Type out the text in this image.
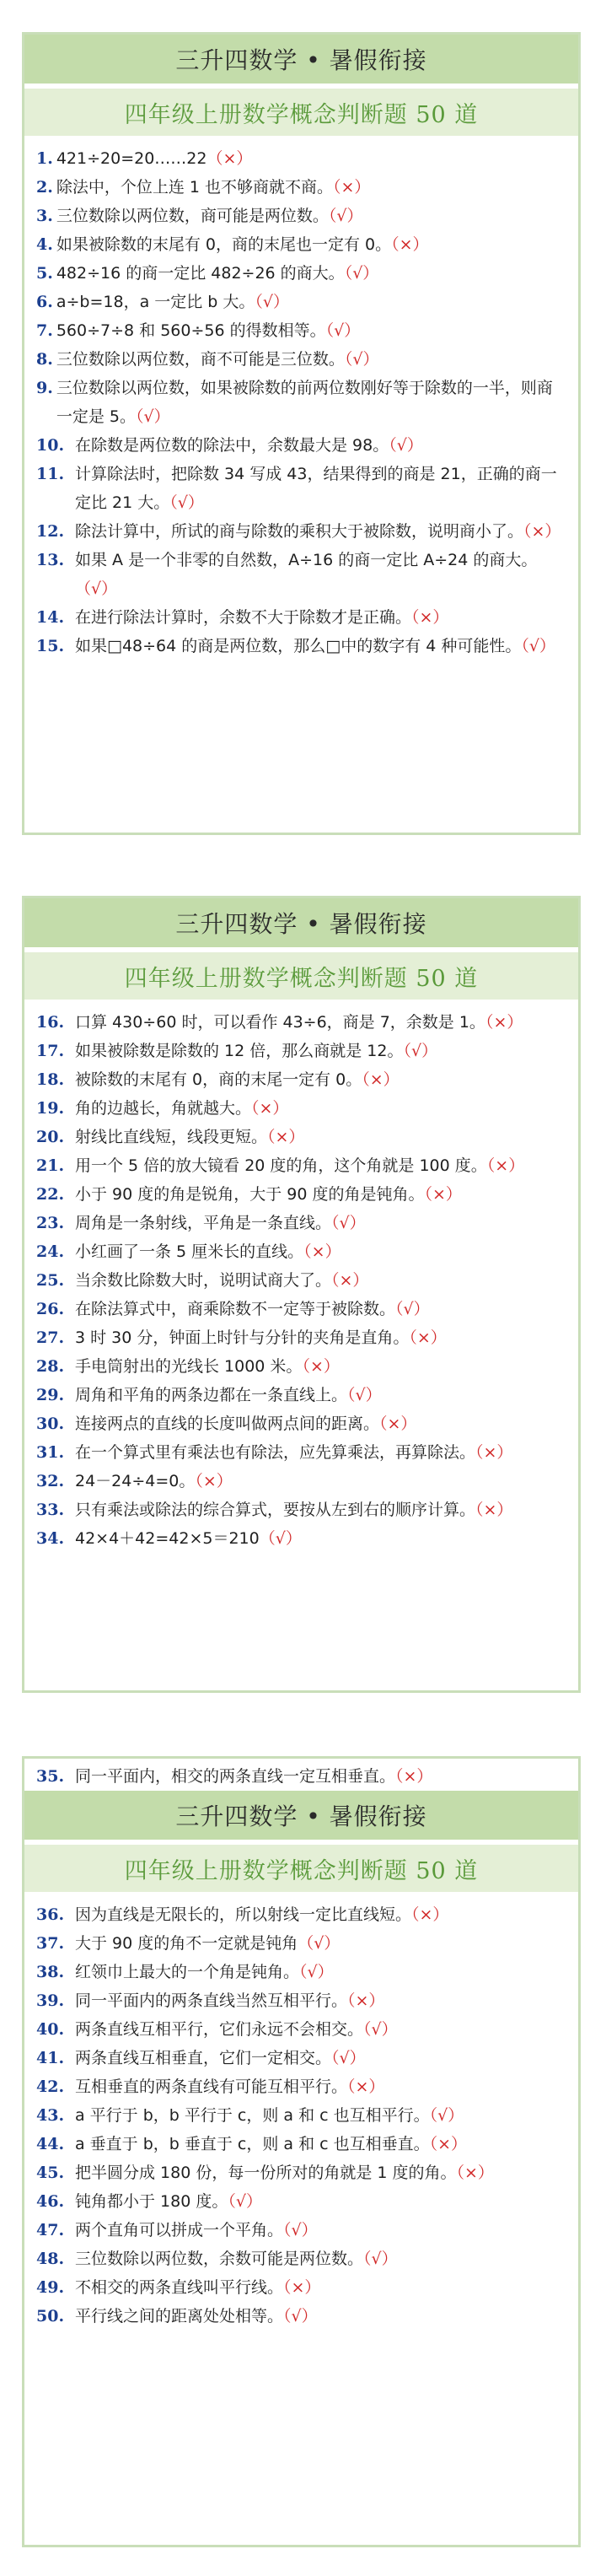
三升四数学 • 暑假衔接
四年级上册数学概念判断题 50 道
1. 421÷20=20……22（×）
2. 除法中，个位上连 1 也不够商就不商。（×）
3. 三位数除以两位数，商可能是两位数。（√）
4. 如果被除数的末尾有 0，商的末尾也一定有 0。（×）
5. 482÷16 的商一定比 482÷26 的商大。（√）
6. a÷b=18，a 一定比 b 大。（√）
7. 560÷7÷8 和 560÷56 的得数相等。（√）
8. 三位数除以两位数，商不可能是三位数。（√）
9. 三位数除以两位数，如果被除数的前两位数刚好等于除数的一半，则商一定是 5。（√）
10. 在除数是两位数的除法中，余数最大是 98。（√）
11. 计算除法时，把除数 34 写成 43，结果得到的商是 21，正确的商一定比 21 大。（√）
12. 除法计算中，所试的商与除数的乘积大于被除数，说明商小了。（×）
13. 如果 A 是一个非零的自然数，A÷16 的商一定比 A÷24 的商大。（√）
14. 在进行除法计算时，余数不大于除数才是正确。（×）
15. 如果□48÷64 的商是两位数，那么□中的数字有 4 种可能性。（√）
三升四数学 • 暑假衔接
四年级上册数学概念判断题 50 道
16. 口算 430÷60 时，可以看作 43÷6，商是 7，余数是 1。（×）
17. 如果被除数是除数的 12 倍，那么商就是 12。（√）
18. 被除数的末尾有 0，商的末尾一定有 0。（×）
19. 角的边越长，角就越大。（×）
20. 射线比直线短，线段更短。（×）
21. 用一个 5 倍的放大镜看 20 度的角，这个角就是 100 度。（×）
22. 小于 90 度的角是锐角，大于 90 度的角是钝角。（×）
23. 周角是一条射线，平角是一条直线。（√）
24. 小红画了一条 5 厘米长的直线。（×）
25. 当余数比除数大时，说明试商大了。（×）
26. 在除法算式中，商乘除数不一定等于被除数。（√）
27. 3 时 30 分，钟面上时针与分针的夹角是直角。（×）
28. 手电筒射出的光线长 1000 米。（×）
29. 周角和平角的两条边都在一条直线上。（√）
30. 连接两点的直线的长度叫做两点间的距离。（×）
31. 在一个算式里有乘法也有除法，应先算乘法，再算除法。（×）
32. 24－24÷4=0。（×）
33. 只有乘法或除法的综合算式，要按从左到右的顺序计算。（×）
34. 42×4＋42=42×5＝210（√）
35. 同一平面内，相交的两条直线一定互相垂直。（×）
三升四数学 • 暑假衔接
四年级上册数学概念判断题 50 道
36. 因为直线是无限长的，所以射线一定比直线短。（×）
37. 大于 90 度的角不一定就是钝角（√）
38. 红领巾上最大的一个角是钝角。（√）
39. 同一平面内的两条直线当然互相平行。（×）
40. 两条直线互相平行，它们永远不会相交。（√）
41. 两条直线互相垂直，它们一定相交。（√）
42. 互相垂直的两条直线有可能互相平行。（×）
43. a 平行于 b，b 平行于 c，则 a 和 c 也互相平行。（√）
44. a 垂直于 b，b 垂直于 c，则 a 和 c 也互相垂直。（×）
45. 把半圆分成 180 份，每一份所对的角就是 1 度的角。（×）
46. 钝角都小于 180 度。（√）
47. 两个直角可以拼成一个平角。（√）
48. 三位数除以两位数，余数可能是两位数。（√）
49. 不相交的两条直线叫平行线。（×）
50. 平行线之间的距离处处相等。（√）
